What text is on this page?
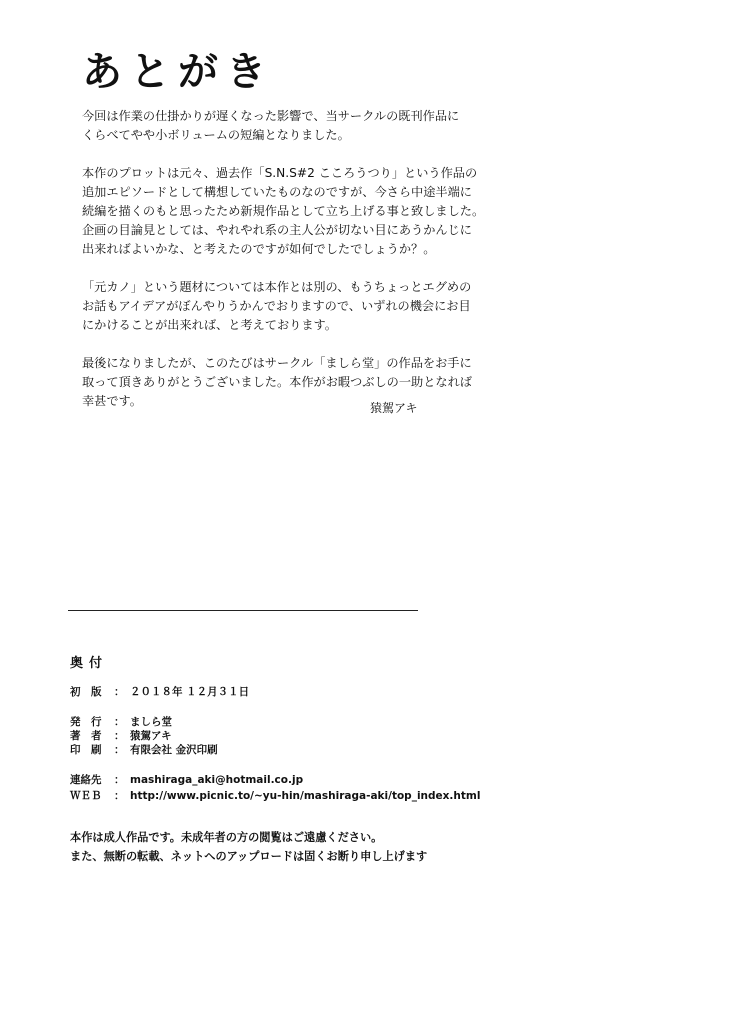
あとがき

今回は作業の仕掛かりが遅くなった影響で、当サークルの既刊作品に
くらべてやや小ボリュームの短編となりました。

本作のプロットは元々、過去作「S.N.S#2 こころうつり」という作品の
追加エピソードとして構想していたものなのですが、今さら中途半端に
続編を描くのもと思ったため新規作品として立ち上げる事と致しました。
企画の目論見としては、やれやれ系の主人公が切ない目にあうかんじに
出来ればよいかな、と考えたのですが如何でしたでしょうか？。

「元カノ」という題材については本作とは別の、もうちょっとエグめの
お話もアイデアがぼんやりうかんでおりますので、いずれの機会にお目
にかけることが出来れば、と考えております。

最後になりましたが、このたびはサークル「ましら堂」の作品をお手に
取って頂きありがとうございました。本作がお暇つぶしの一助となれば
幸甚です。	猿駕アキ
奥付
初　版 ： ２０１８年 １２月３１日
発　行 ： ましら堂
著　者 ： 猿駕アキ
印　刷 ： 有限会社 金沢印刷
連絡先 ： mashiraga_aki@hotmail.co.jp
ＷＥＢ ： http://www.picnic.to/~yu-hin/mashiraga-aki/top_index.html
本作は成人作品です。未成年者の方の閲覧はご遠慮ください。
また、無断の転載、ネットへのアップロードは固くお断り申し上げます
